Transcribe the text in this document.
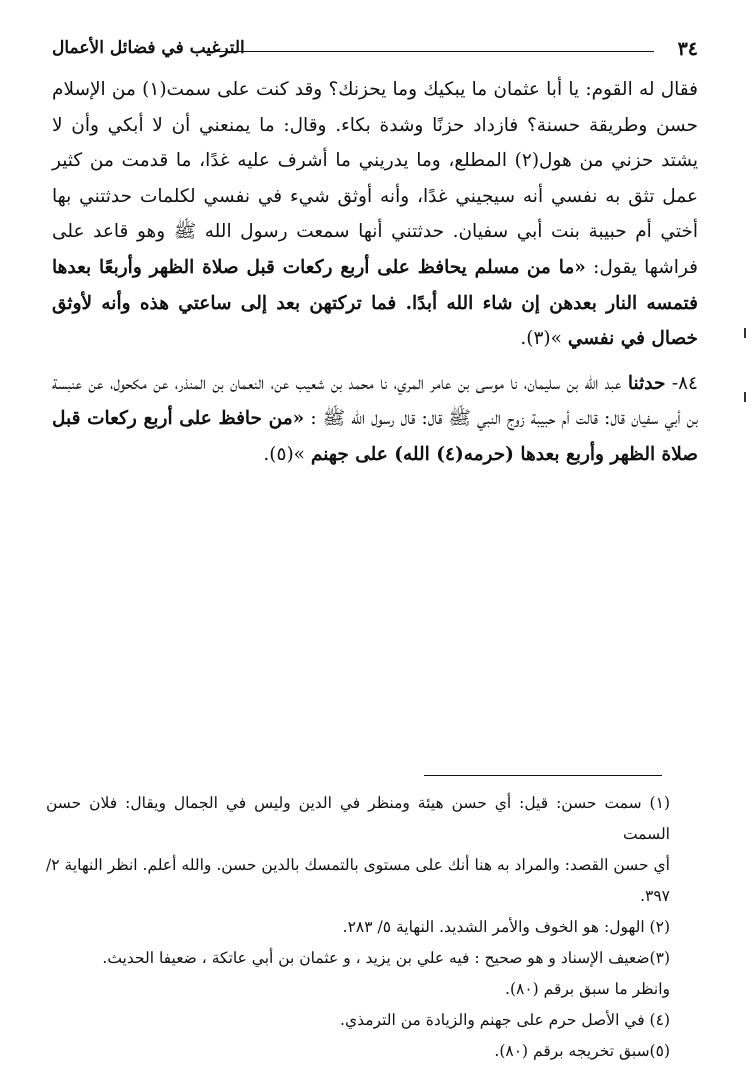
٣٤
الترغيب في فضائل الأعمال

فقال له القوم: يا أبا عثمان ما يبكيك وما يحزنك؟ وقد كنت على سمت(١) من الإسلام حسن وطريقة حسنة؟ فازداد حزنًا وشدة بكاء. وقال: ما يمنعني أن لا أبكي وأن لا يشتد حزني من هول(٢) المطلع، وما يدريني ما أشرف عليه غدًا، ما قدمت من كثير عمل تثق به نفسي أنه سيجيني غدًا، وأنه أوثق شيء في نفسي لكلمات حدثتني بها أختي أم حبيبة بنت أبي سفيان. حدثتني أنها سمعت رسول الله ﷺ وهو قاعد على فراشها يقول: «ما من مسلم يحافظ على أربع ركعات قبل صلاة الظهر وأربعًا بعدها فتمسه النار بعدهن إن شاء الله أبدًا. فما تركتهن بعد إلى ساعتي هذه وأنه لأوثق خصال في نفسي »(٣).

٨٤- حدثنا عبد الله بن سليمان، نا موسى بن عامر المري، نا محمد بن شعيب عن، النعمان بن المنذر، عن مكحول، عن عنبسة بن أبي سفيان قال: قالت أم حبيبة زوج النبي ﷺ قال: قال رسول الله ﷺ : «من حافظ على أربع ركعات قبل صلاة الظهر وأربع بعدها (حرمه(٤) الله) على جهنم »(٥).

(١) سمت حسن: قيل: أي حسن هيئة ومنظر في الدين وليس في الجمال ويقال: فلان حسن السمت

أي حسن القصد: والمراد به هنا أنك على مستوى بالتمسك بالدين حسن. والله أعلم. انظر النهاية ٢/ ٣٩٧.

(٢) الهول: هو الخوف والأمر الشديد. النهاية ٥/ ٢٨٣.

(٣)ضعيف الإسناد و هو صحيح : فيه علي بن يزيد ، و عثمان بن أبي عاتكة ، ضعيفا الحديث.

وانظر ما سبق برقم (٨٠).

(٤) في الأصل حرم على جهنم والزيادة من الترمذي.

(٥)سبق تخريجه برقم (٨٠).
